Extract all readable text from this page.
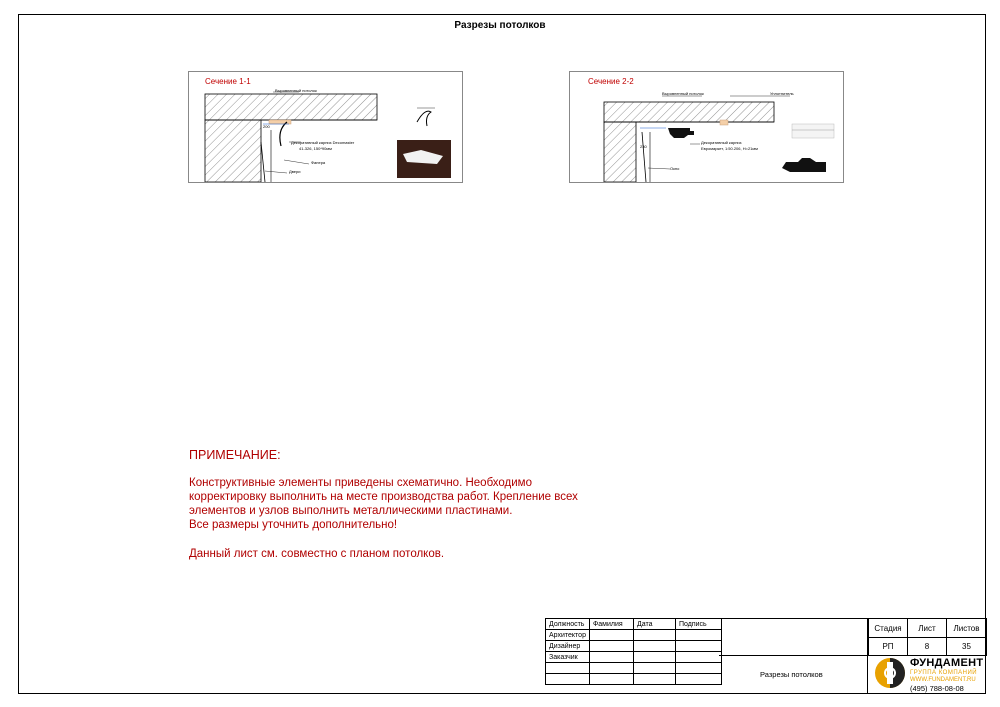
Разрезы потолков
Выровненный потолок
200
Декоративный карниз Decomaster
41-326, 150*90мм
Фанера
Двери
Сечение 1-1
Выровненный потолок	Уплотнитель
230
Декоративный карниз
Евромаркет, 1:50.206, Н=21мм
Окно
Сечение 2-2
ПРИМЕЧАНИЕ:
Конструктивные элементы приведены схематично. Необходимо
корректировку выполнить на месте производства работ. Крепление всех
элементов и узлов выполнить металлическими пластинами.
Все размеры уточнить дополнительно!
Данный лист см. совместно с планом потолков.
Должность	Фамилия	Дата	Подпись
Архитектор			
Дизайнер			
Заказчик			

Разрезы потолков
Стадия	Лист	Листов
РП	8	35
ФУНДАМЕНТ
ГРУППА КОМПАНИЙ
WWW.FUNDAMENT.RU
(495) 788-08-08
